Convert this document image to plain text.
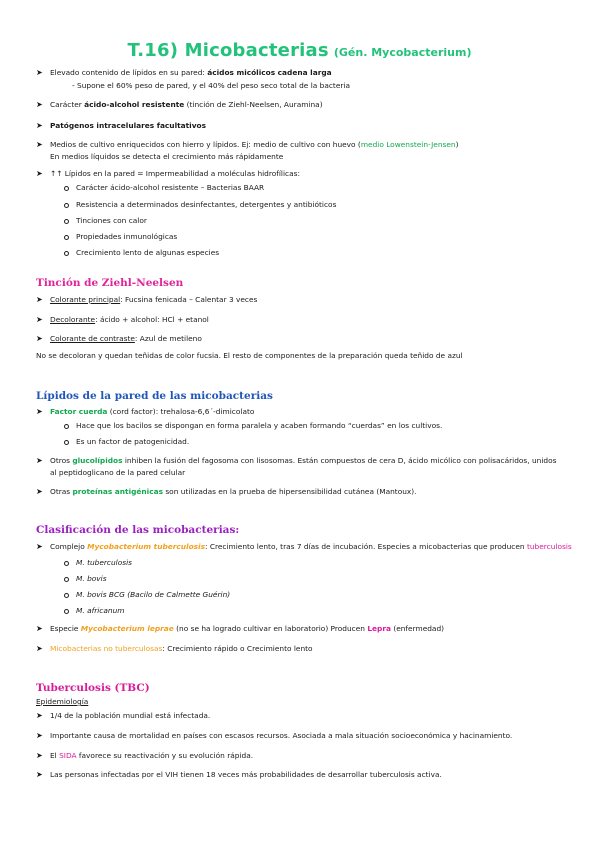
T.16) Micobacterias (Gén. Mycobacterium)
➤ Elevado contenido de lípidos en su pared: ácidos micólicos cadena larga
- Supone el 60% peso de pared, y el 40% del peso seco total de la bacteria
➤ Carácter ácido-alcohol resistente (tinción de Ziehl-Neelsen, Auramina)
➤ Patógenos intracelulares facultativos
➤ Medios de cultivo enriquecidos con hierro y lípidos. Ej: medio de cultivo con huevo (medio Lowenstein-Jensen)
En medios líquidos se detecta el crecimiento más rápidamente
➤ ↑↑ Lípidos en la pared = Impermeabilidad a moléculas hidrofílicas:
Carácter ácido-alcohol resistente – Bacterias BAAR
Resistencia a determinados desinfectantes, detergentes y antibióticos
Tinciones con calor
Propiedades inmunológicas
Crecimiento lento de algunas especies
Tinción de Ziehl-Neelsen
➤ Colorante principal: Fucsina fenicada – Calentar 3 veces
➤ Decolorante: ácido + alcohol: HCl + etanol
➤ Colorante de contraste: Azul de metileno
No se decoloran y quedan teñidas de color fucsia. El resto de componentes de la preparación queda teñido de azul
Lípidos de la pared de las micobacterias
➤ Factor cuerda (cord factor): trehalosa-6,6´-dimicolato
Hace que los bacilos se dispongan en forma paralela y acaben formando “cuerdas” en los cultivos.
Es un factor de patogenicidad.
➤ Otros glucolípidos inhiben la fusión del fagosoma con lisosomas. Están compuestos de cera D, ácido micólico con polisacáridos, unidos
al peptidoglicano de la pared celular
➤ Otras proteínas antigénicas son utilizadas en la prueba de hipersensibilidad cutánea (Mantoux).
Clasificación de las micobacterias:
➤ Complejo Mycobacterium tuberculosis: Crecimiento lento, tras 7 días de incubación. Especies a micobacterias que producen tuberculosis
M. tuberculosis
M. bovis
M. bovis BCG (Bacilo de Calmette Guérin)
M. africanum
➤ Especie Mycobacterium leprae (no se ha logrado cultivar en laboratorio) Producen Lepra (enfermedad)
➤ Micobacterias no tuberculosas: Crecimiento rápido o Crecimiento lento
Tuberculosis (TBC)
Epidemiología
➤ 1/4 de la población mundial está infectada.
➤ Importante causa de mortalidad en países con escasos recursos. Asociada a mala situación socioeconómica y hacinamiento.
➤ El SIDA favorece su reactivación y su evolución rápida.
➤ Las personas infectadas por el VIH tienen 18 veces más probabilidades de desarrollar tuberculosis activa.
